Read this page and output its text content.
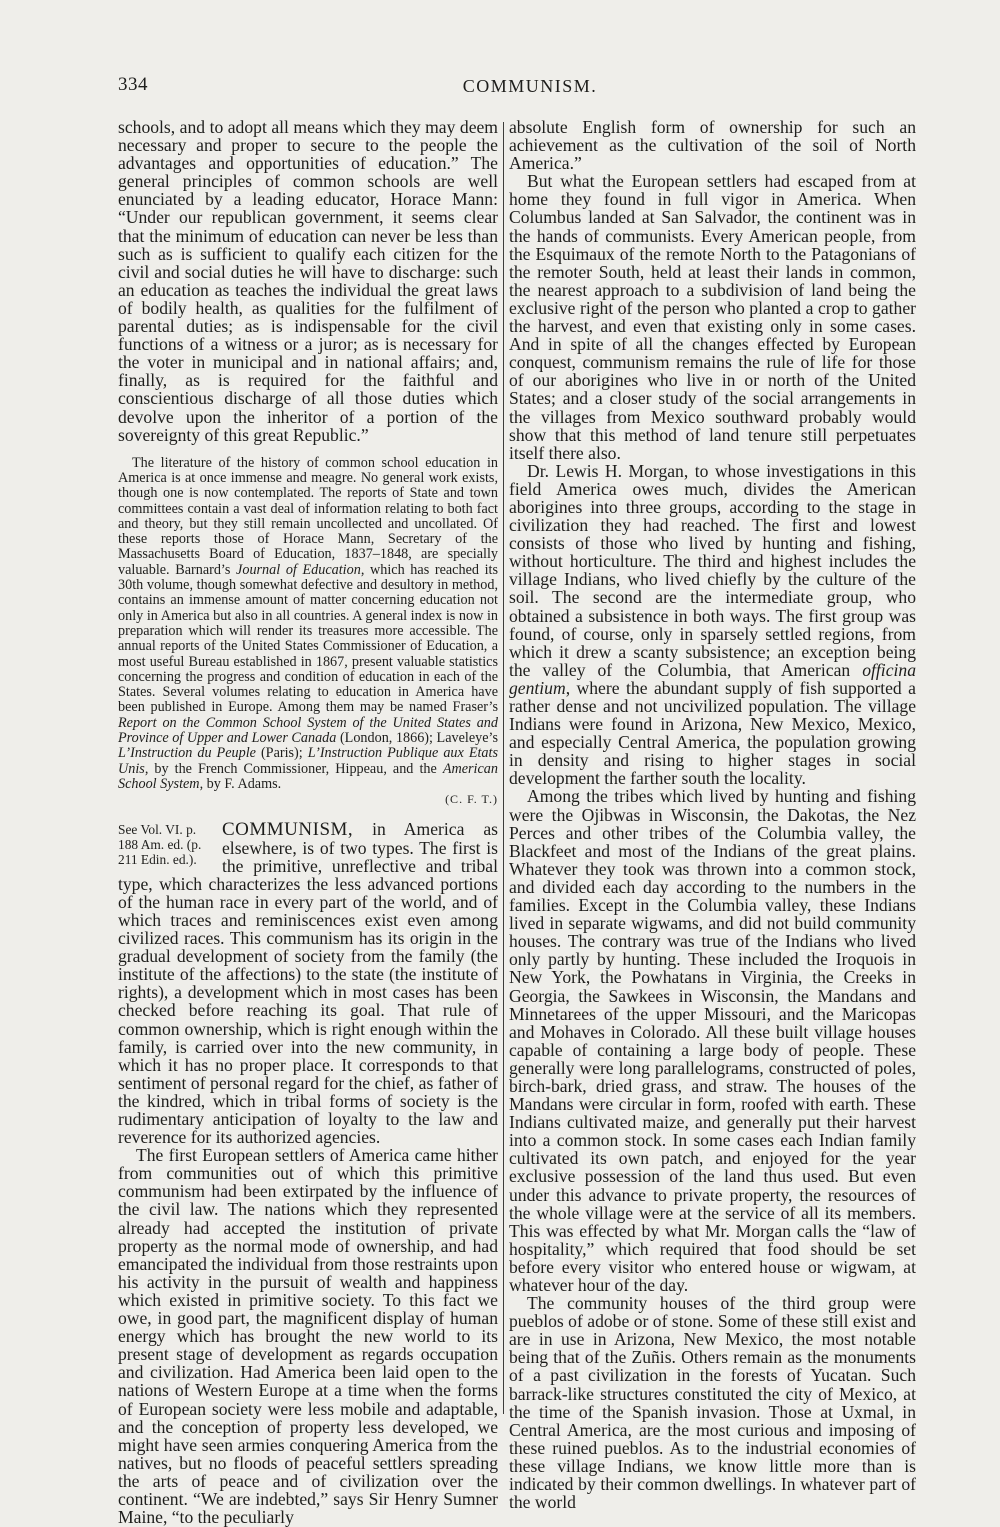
334	COMMUNISM.

schools, and to adopt all means which they may deem necessary and proper to secure to the people the advantages and opportunities of education.” The general principles of common schools are well enunciated by a leading educator, Horace Mann: “Under our republican government, it seems clear that the minimum of education can never be less than such as is sufficient to qualify each citizen for the civil and social duties he will have to discharge: such an education as teaches the individual the great laws of bodily health, as qualities for the fulfilment of parental duties; as is indispensable for the civil functions of a witness or a juror; as is necessary for the voter in municipal and in national affairs; and, finally, as is required for the faithful and conscientious discharge of all those duties which devolve upon the inheritor of a portion of the sovereignty of this great Republic.”

The literature of the history of common school education in America is at once immense and meagre. No general work exists, though one is now contemplated. The reports of State and town committees contain a vast deal of information relating to both fact and theory, but they still remain uncollected and uncollated. Of these reports those of Horace Mann, Secretary of the Massachusetts Board of Education, 1837–1848, are specially valuable. Barnard’s Journal of Education, which has reached its 30th volume, though somewhat defective and desultory in method, contains an immense amount of matter concerning education not only in America but also in all countries. A general index is now in preparation which will render its treasures more accessible. The annual reports of the United States Commissioner of Education, a most useful Bureau established in 1867, present valuable statistics concerning the progress and condition of education in each of the States. Several volumes relating to education in America have been published in Europe. Among them may be named Fraser’s Report on the Common School System of the United States and Province of Upper and Lower Canada (London, 1866); Laveleye’s L’Instruction du Peuple (Paris); L’Instruction Publique aux Etats Unis, by the French Commissioner, Hippeau, and the American School System, by F. Adams.
(C. F. T.)

See Vol. VI. p. 188 Am. ed. (p. 211 Edin. ed.).
COMMUNISM, in America as elsewhere, is of two types. The first is the primitive, unreflective and tribal type, which characterizes the less advanced portions of the human race in every part of the world, and of which traces and reminiscences exist even among civilized races. This communism has its origin in the gradual development of society from the family (the institute of the affections) to the state (the institute of rights), a development which in most cases has been checked before reaching its goal. That rule of common ownership, which is right enough within the family, is carried over into the new community, in which it has no proper place. It corresponds to that sentiment of personal regard for the chief, as father of the kindred, which in tribal forms of society is the rudimentary anticipation of loyalty to the law and reverence for its authorized agencies.

The first European settlers of America came hither from communities out of which this primitive communism had been extirpated by the influence of the civil law. The nations which they represented already had accepted the institution of private property as the normal mode of ownership, and had emancipated the individual from those restraints upon his activity in the pursuit of wealth and happiness which existed in primitive society. To this fact we owe, in good part, the magnificent display of human energy which has brought the new world to its present stage of development as regards occupation and civilization. Had America been laid open to the nations of Western Europe at a time when the forms of European society were less mobile and adaptable, and the conception of property less developed, we might have seen armies conquering America from the natives, but no floods of peaceful settlers spreading the arts of peace and of civilization over the continent. “We are indebted,” says Sir Henry Sumner Maine, “to the peculiarly

absolute English form of ownership for such an achievement as the cultivation of the soil of North America.”

But what the European settlers had escaped from at home they found in full vigor in America. When Columbus landed at San Salvador, the continent was in the hands of communists. Every American people, from the Esquimaux of the remote North to the Patagonians of the remoter South, held at least their lands in common, the nearest approach to a subdivision of land being the exclusive right of the person who planted a crop to gather the harvest, and even that existing only in some cases. And in spite of all the changes effected by European conquest, communism remains the rule of life for those of our aborigines who live in or north of the United States; and a closer study of the social arrangements in the villages from Mexico southward probably would show that this method of land tenure still perpetuates itself there also.

Dr. Lewis H. Morgan, to whose investigations in this field America owes much, divides the American aborigines into three groups, according to the stage in civilization they had reached. The first and lowest consists of those who lived by hunting and fishing, without horticulture. The third and highest includes the village Indians, who lived chiefly by the culture of the soil. The second are the intermediate group, who obtained a subsistence in both ways. The first group was found, of course, only in sparsely settled regions, from which it drew a scanty subsistence; an exception being the valley of the Columbia, that American officina gentium, where the abundant supply of fish supported a rather dense and not uncivilized population. The village Indians were found in Arizona, New Mexico, Mexico, and especially Central America, the population growing in density and rising to higher stages in social development the farther south the locality.

Among the tribes which lived by hunting and fishing were the Ojibwas in Wisconsin, the Dakotas, the Nez Perces and other tribes of the Columbia valley, the Blackfeet and most of the Indians of the great plains. Whatever they took was thrown into a common stock, and divided each day according to the numbers in the families. Except in the Columbia valley, these Indians lived in separate wigwams, and did not build community houses. The contrary was true of the Indians who lived only partly by hunting. These included the Iroquois in New York, the Powhatans in Virginia, the Creeks in Georgia, the Sawkees in Wisconsin, the Mandans and Minnetarees of the upper Missouri, and the Maricopas and Mohaves in Colorado. All these built village houses capable of containing a large body of people. These generally were long parallelograms, constructed of poles, birch-bark, dried grass, and straw. The houses of the Mandans were circular in form, roofed with earth. These Indians cultivated maize, and generally put their harvest into a common stock. In some cases each Indian family cultivated its own patch, and enjoyed for the year exclusive possession of the land thus used. But even under this advance to private property, the resources of the whole village were at the service of all its members. This was effected by what Mr. Morgan calls the “law of hospitality,” which required that food should be set before every visitor who entered house or wigwam, at whatever hour of the day.

The community houses of the third group were pueblos of adobe or of stone. Some of these still exist and are in use in Arizona, New Mexico, the most notable being that of the Zuñis. Others remain as the monuments of a past civilization in the forests of Yucatan. Such barrack-like structures constituted the city of Mexico, at the time of the Spanish invasion. Those at Uxmal, in Central America, are the most curious and imposing of these ruined pueblos. As to the industrial economies of these village Indians, we know little more than is indicated by their common dwellings. In whatever part of the world
